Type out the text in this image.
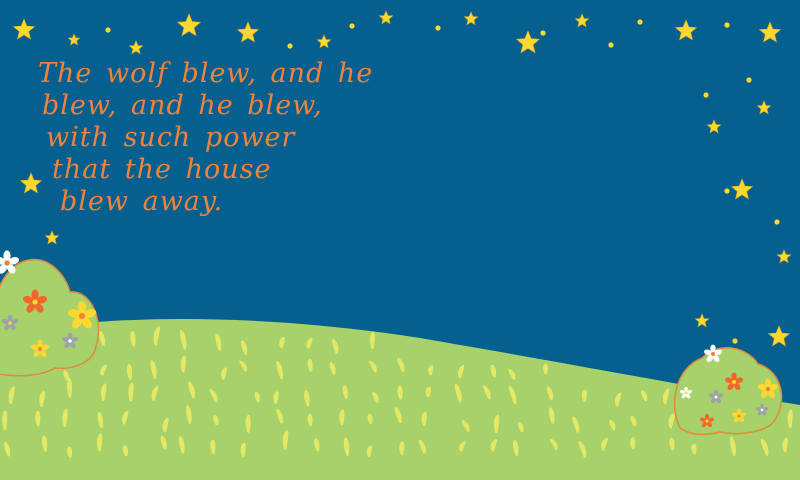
The wolf blew, and he
blew, and he blew,
with such power
that the house
blew away.
